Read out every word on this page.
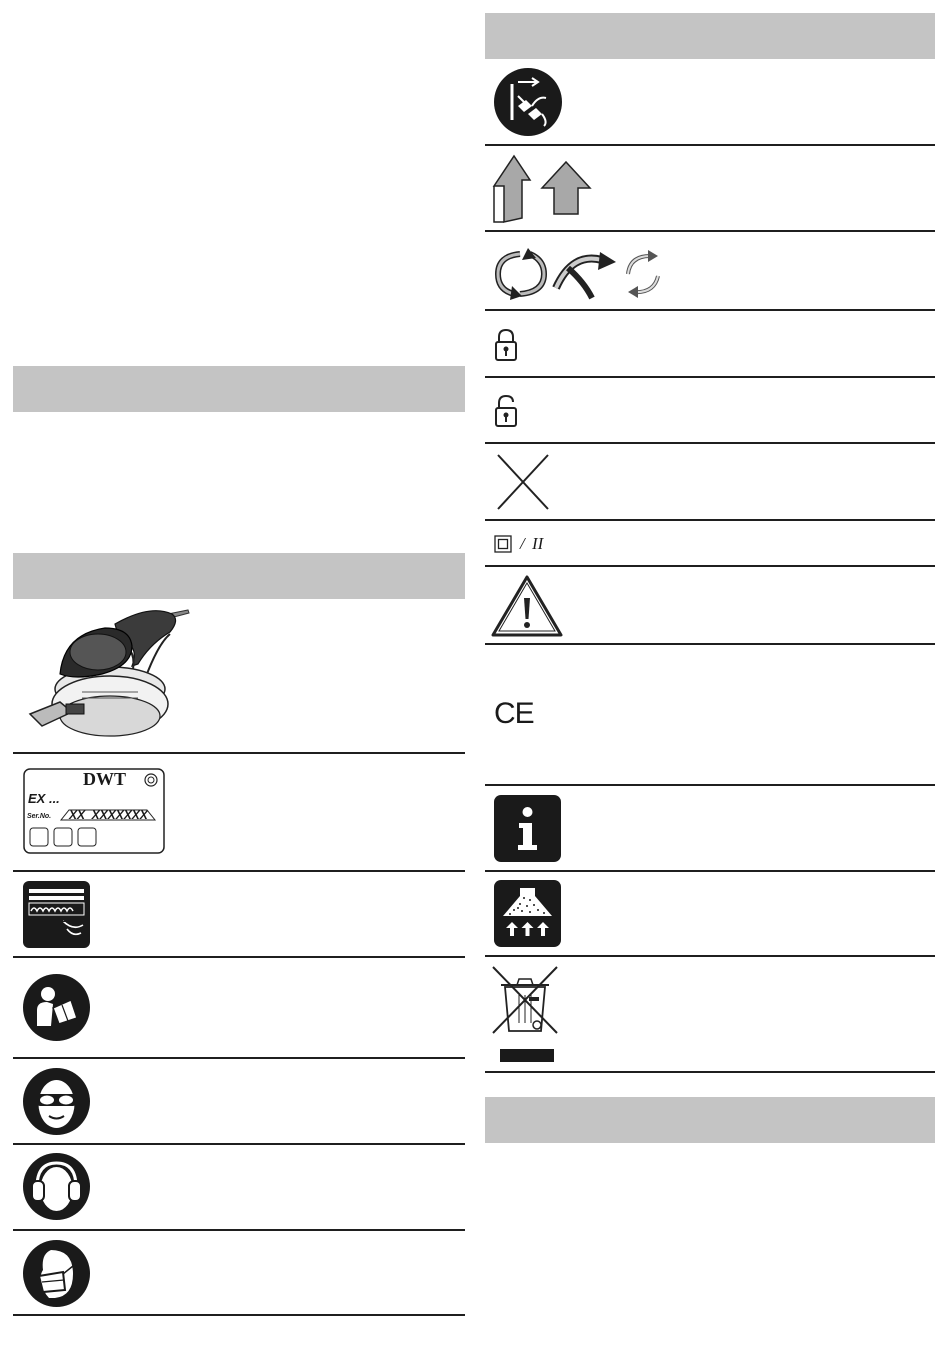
DWT
EX ...
Ser.No. XX  XXXXXXX
/ II
CE
